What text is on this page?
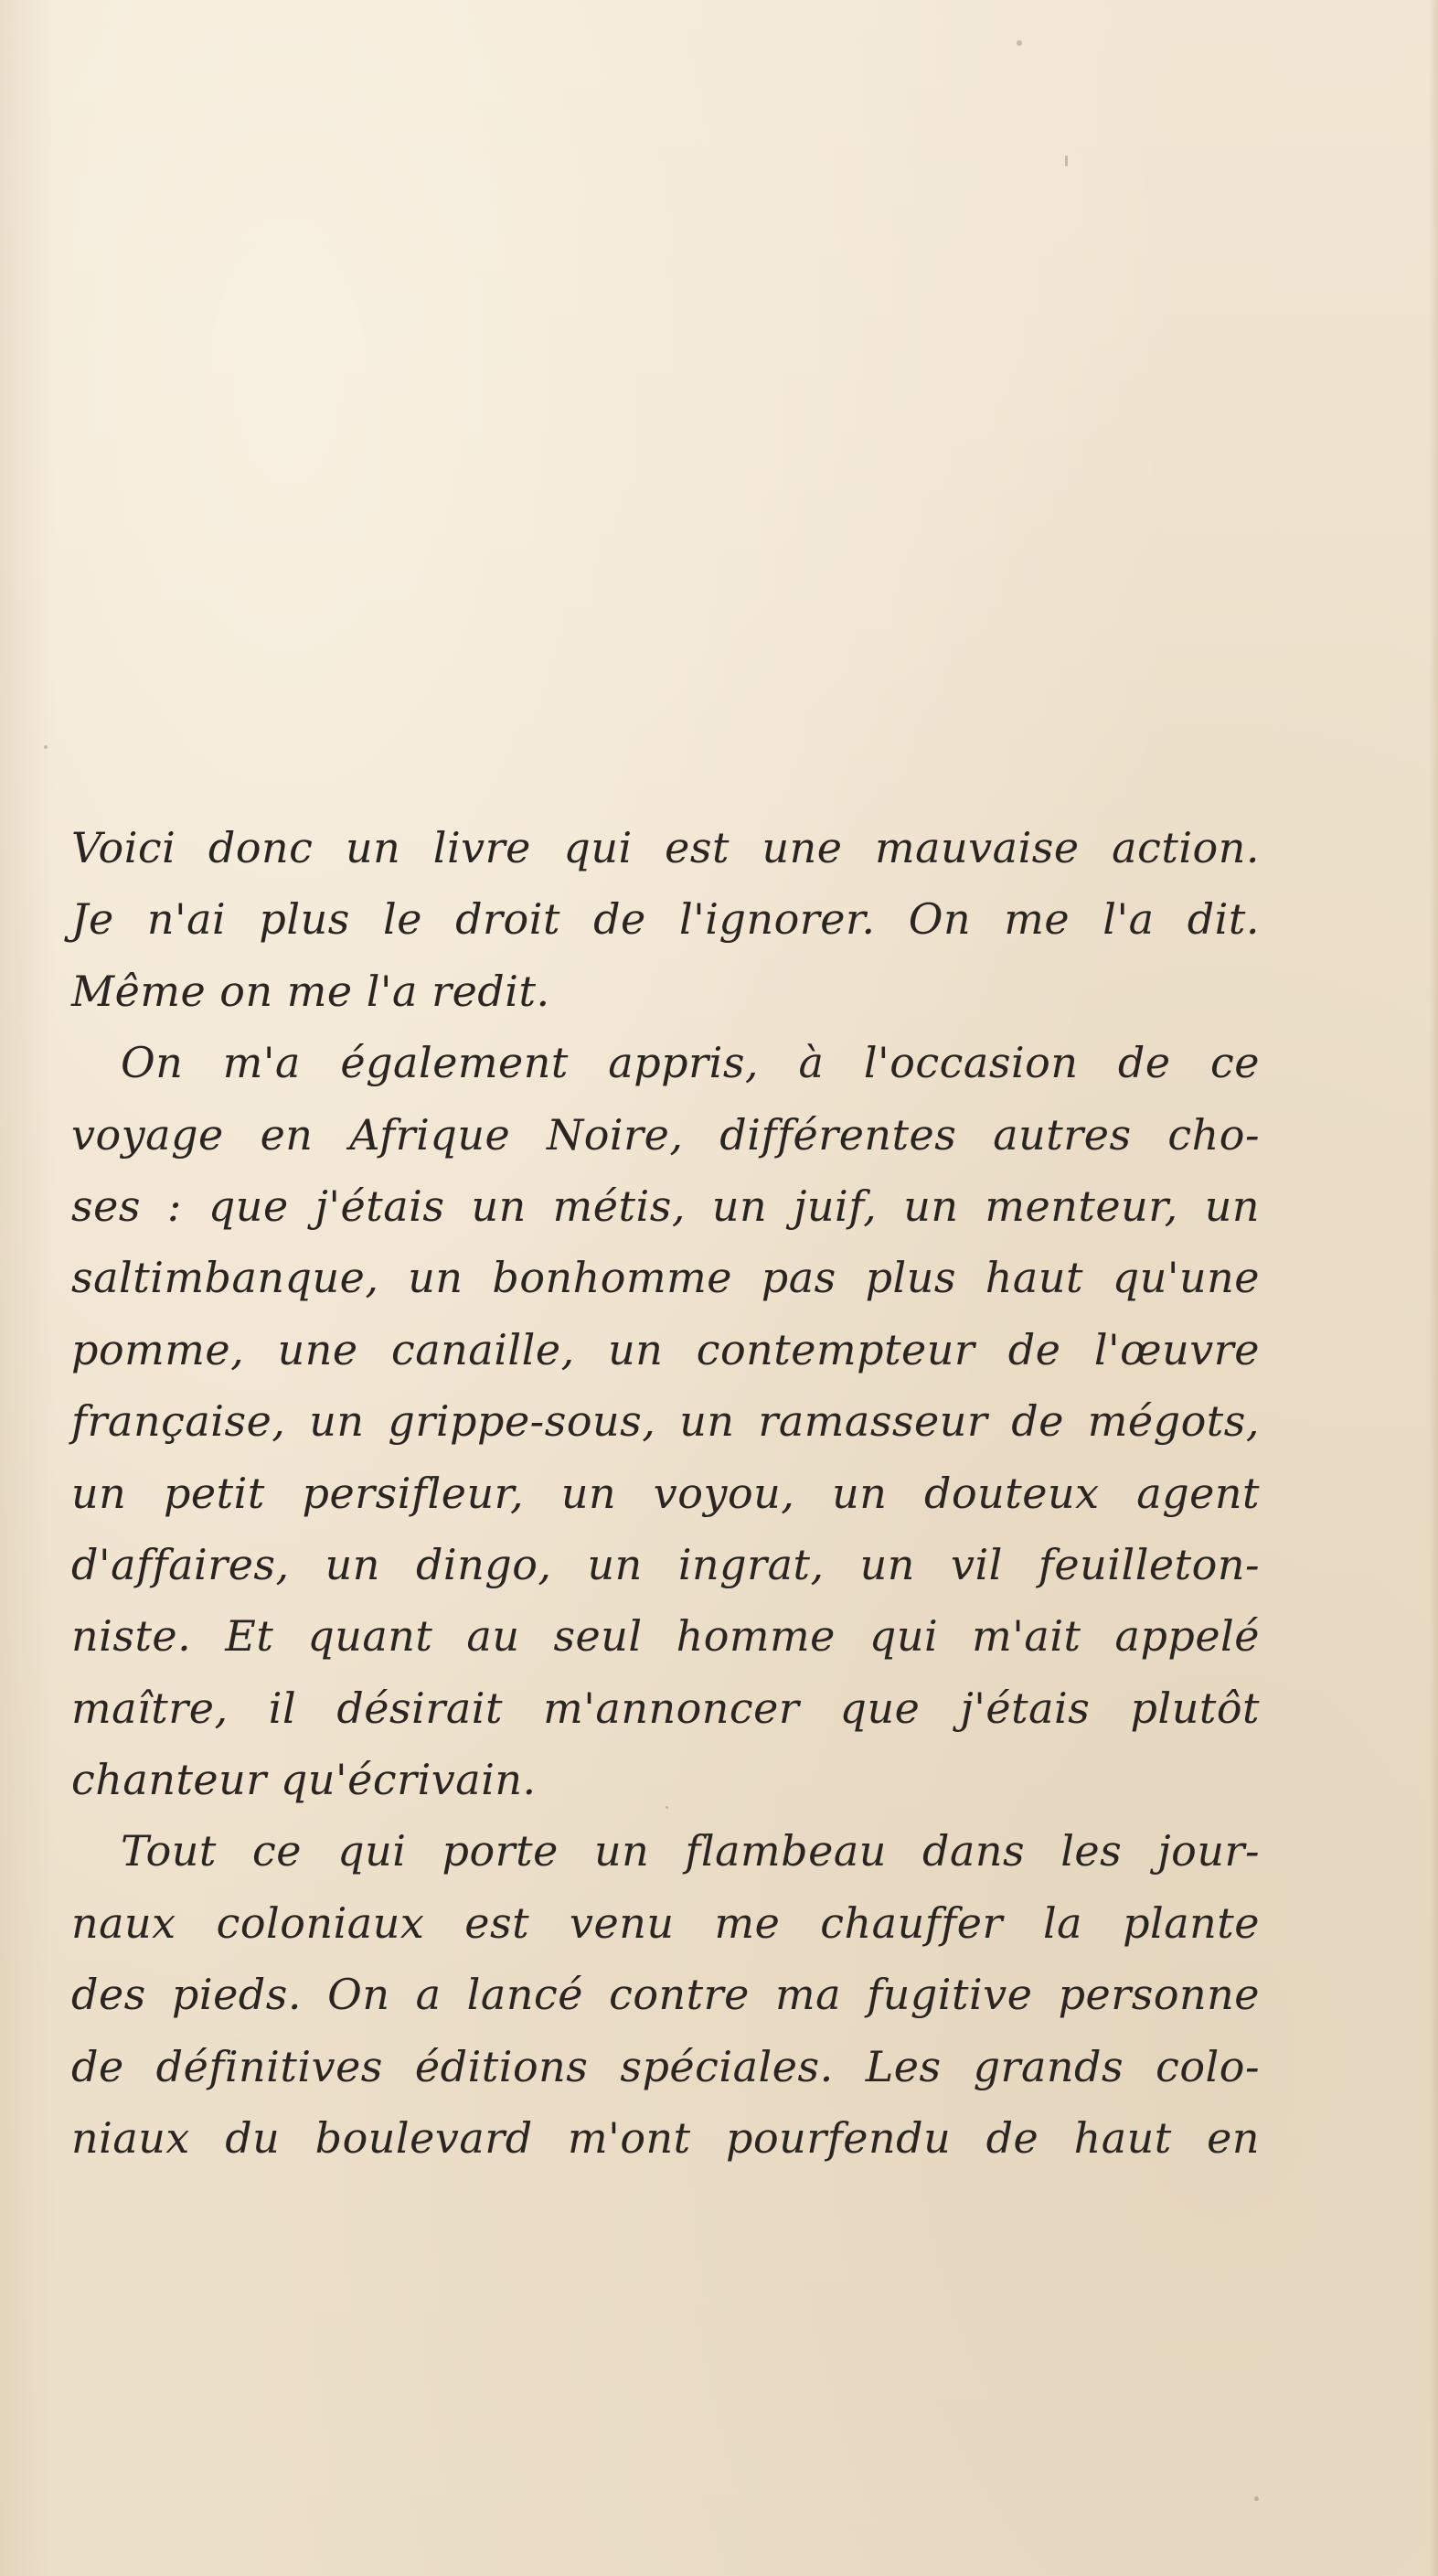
Voici donc un livre qui est une mauvaise action.
Je n'ai plus le droit de l'ignorer. On me l'a dit.
Même on me l'a redit.
On m'a également appris, à l'occasion de ce
voyage en Afrique Noire, différentes autres cho-
ses : que j'étais un métis, un juif, un menteur, un
saltimbanque, un bonhomme pas plus haut qu'une
pomme, une canaille, un contempteur de l'œuvre
française, un grippe-sous, un ramasseur de mégots,
un petit persifleur, un voyou, un douteux agent
d'affaires, un dingo, un ingrat, un vil feuilleton-
niste. Et quant au seul homme qui m'ait appelé
maître, il désirait m'annoncer que j'étais plutôt
chanteur qu'écrivain.
Tout ce qui porte un flambeau dans les jour-
naux coloniaux est venu me chauffer la plante
des pieds. On a lancé contre ma fugitive personne
de définitives éditions spéciales. Les grands colo-
niaux du boulevard m'ont pourfendu de haut en
